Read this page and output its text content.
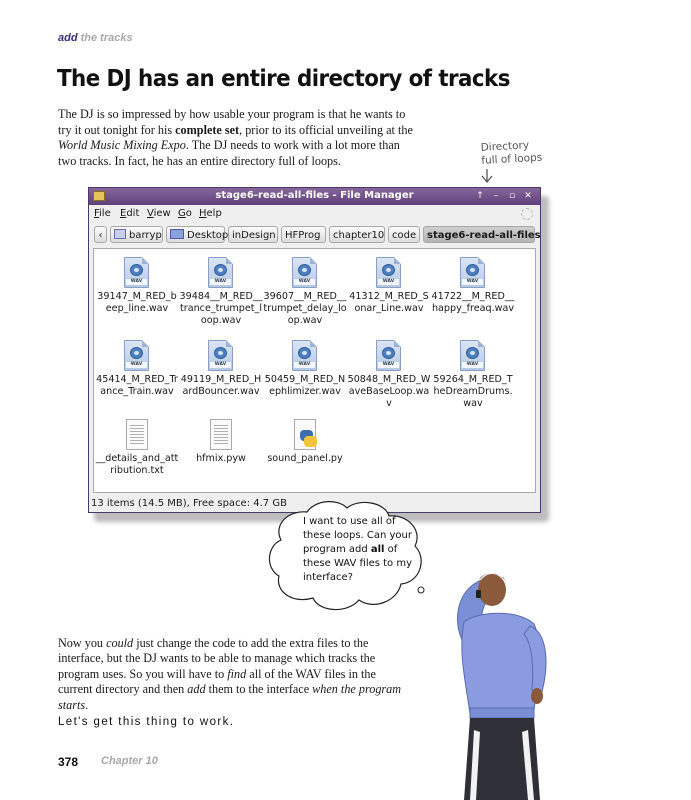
add the tracks
The DJ has an entire directory of tracks
The DJ is so impressed by how usable your program is that he wants to try it out tonight for his complete set, prior to its official unveiling at the World Music Mixing Expo. The DJ needs to work with a lot more than two tracks. In fact, he has an entire directory full of loops.
Directory
full of loops
stage6-read-all-files - File Manager	↑	–	▫	✕
File Edit View Go Help
‹	barryp	Desktop inDesign HFProg	chapter10 code	stage6-read-all-files
WAV
39147_M_RED_beep_line.wav
WAV
39484__M_RED__trance_trumpet_loop.wav
WAV
39607__M_RED__trumpet_delay_loop.wav
WAV
41312_M_RED_Sonar_Line.wav
WAV
41722__M_RED__happy_freaq.wav
WAV
45414_M_RED_Trance_Train.wav
WAV
49119_M_RED_HardBouncer.wav
WAV
50459_M_RED_Nephlimizer.wav
WAV
50848_M_RED_WaveBaseLoop.wav
WAV
59264_M_RED_TheDreamDrums.wav
__details_and_attribution.txt
hfmix.pyw	sound_panel.py
13 items (14.5 MB), Free space: 4.7 GB
I want to use all of these loops. Can your program add all of these WAV files to my interface?
Now you could just change the code to add the extra files to the interface, but the DJ wants to be able to manage which tracks the program uses. So you will have to find all of the WAV files in the current directory and then add them to the interface when the program starts.
Let's get this thing to work.
378 Chapter 10
